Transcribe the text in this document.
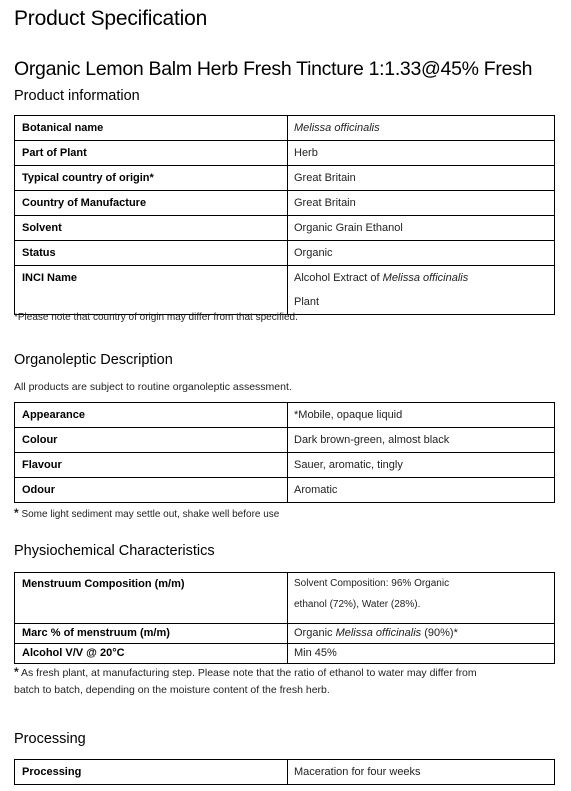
Product Specification
Organic Lemon Balm Herb Fresh Tincture 1:1.33@45% Fresh
Product information
Botanical name	Melissa officinalis
Part of Plant	Herb
Typical country of origin*	Great Britain
Country of Manufacture	Great Britain
Solvent	Organic Grain Ethanol
Status	Organic
INCI Name	Alcohol Extract of Melissa officinalis
Plant
*Please note that country of origin may differ from that specified.
Organoleptic Description
All products are subject to routine organoleptic assessment.
Appearance	*Mobile, opaque liquid
Colour	Dark brown-green, almost black
Flavour	Sauer, aromatic, tingly
Odour	Aromatic
* Some light sediment may settle out, shake well before use
Physiochemical Characteristics
Menstruum Composition (m/m)	Solvent Composition: 96% Organic
ethanol (72%), Water (28%).

Marc % of menstruum (m/m)	Organic Melissa officinalis (90%)*
Alcohol V/V @ 20°C	Min 45%
* As fresh plant, at manufacturing step. Please note that the ratio of ethanol to water may differ from
batch to batch, depending on the moisture content of the fresh herb.
Processing
Processing	Maceration for four weeks
